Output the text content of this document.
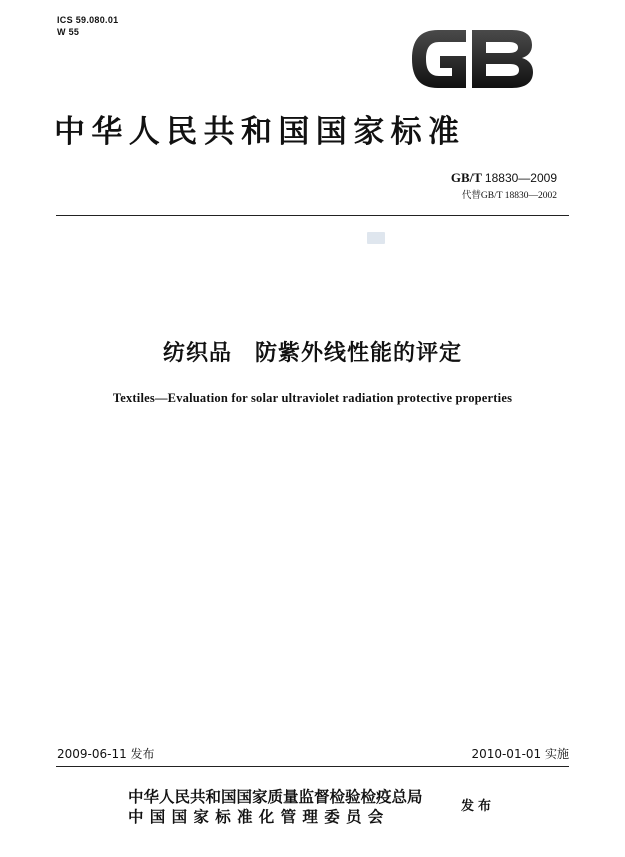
ICS 59.080.01
W 55
中华人民共和国国家标准
GB/T 18830—2009
代替GB/T 18830—2002
纺织品　防紫外线性能的评定
Textiles—Evaluation for solar ultraviolet radiation protective properties
2009-06-11 发布	2010-01-01 实施
中华人民共和国国家质量监督检验检疫总局
中国国家标准化管理委员会
发布
